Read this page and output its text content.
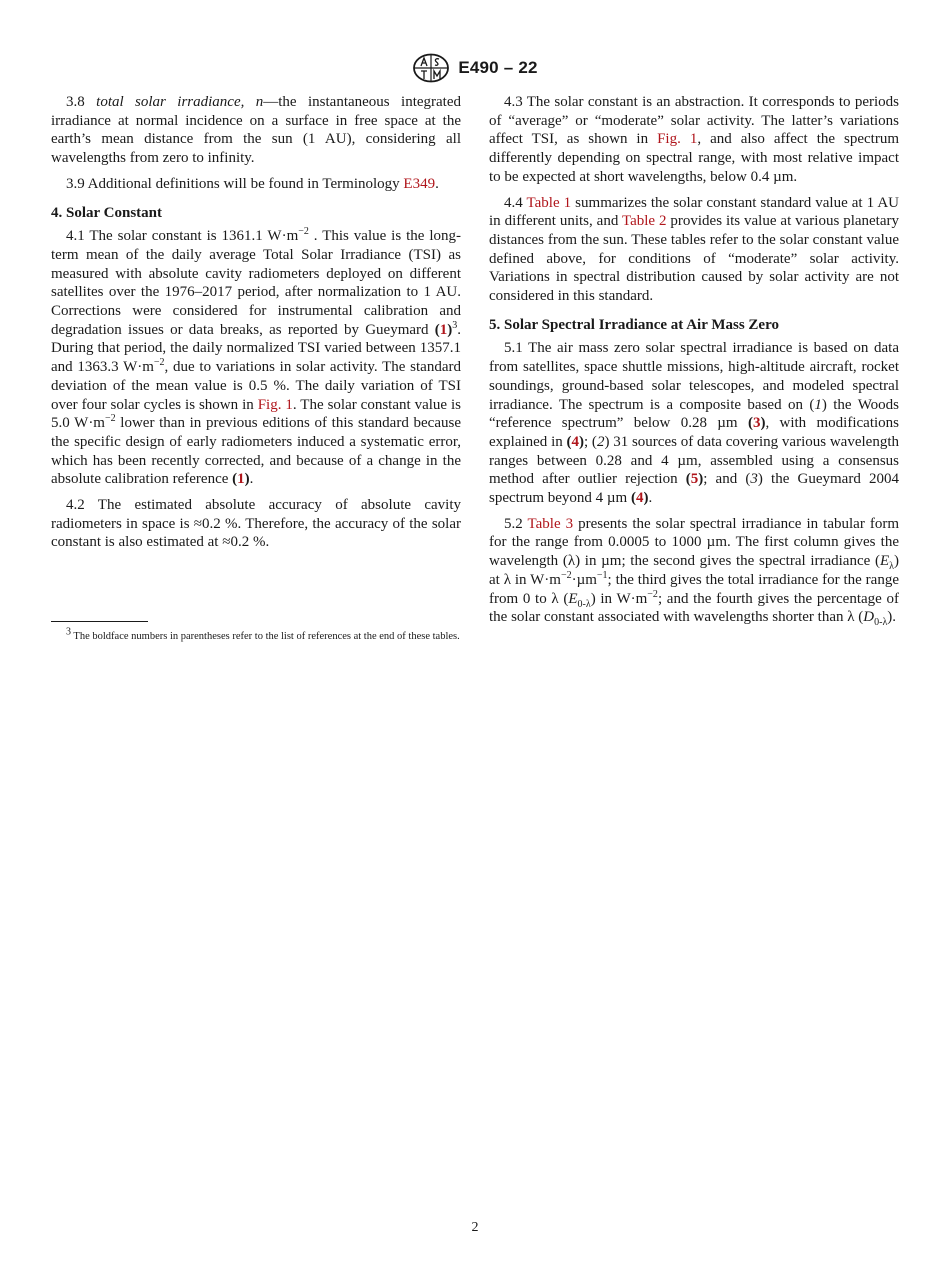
E490 – 22

3.8 total solar irradiance, n—the instantaneous integrated irradiance at normal incidence on a surface in free space at the earth’s mean distance from the sun (1 AU), considering all wavelengths from zero to infinity.

3.9 Additional definitions will be found in Terminology E349.

4. Solar Constant

4.1 The solar constant is 1361.1 $W\cdot m^{-2}$ . This value is the long-term mean of the daily average Total Solar Irradiance (TSI) as measured with absolute cavity radiometers deployed on different satellites over the 1976–2017 period, after normalization to 1 AU. Corrections were considered for instrumental calibration and degradation issues or data breaks, as reported by Gueymard $(1)^3$. During that period, the daily normalized TSI varied between 1357.1 and 1363.3 $W\cdot m^{-2}$, due to variations in solar activity. The standard deviation of the mean value is 0.5 %. The daily variation of TSI over four solar cycles is shown in Fig. 1. The solar constant value is 5.0 $W\cdot m^{-2}$ lower than in previous editions of this standard because the specific design of early radiometers induced a systematic error, which has been recently corrected, and because of a change in the absolute calibration reference (1).

4.2 The estimated absolute accuracy of absolute cavity radiometers in space is ≈0.2 %. Therefore, the accuracy of the solar constant is also estimated at ≈0.2 %.

$^3$ The boldface numbers in parentheses refer to the list of references at the end of these tables.

4.3 The solar constant is an abstraction. It corresponds to periods of “average” or “moderate” solar activity. The latter’s variations affect TSI, as shown in Fig. 1, and also affect the spectrum differently depending on spectral range, with most relative impact to be expected at short wavelengths, below 0.4 µm.

4.4 Table 1 summarizes the solar constant standard value at 1 AU in different units, and Table 2 provides its value at various planetary distances from the sun. These tables refer to the solar constant value defined above, for conditions of “moderate” solar activity. Variations in spectral distribution caused by solar activity are not considered in this standard.

5. Solar Spectral Irradiance at Air Mass Zero

5.1 The air mass zero solar spectral irradiance is based on data from satellites, space shuttle missions, high-altitude aircraft, rocket soundings, ground-based solar telescopes, and modeled spectral irradiance. The spectrum is a composite based on (1) the Woods “reference spectrum” below 0.28 µm (3), with modifications explained in (4); (2) 31 sources of data covering various wavelength ranges between 0.28 and 4 µm, assembled using a consensus method after outlier rejection (5); and (3) the Gueymard 2004 spectrum beyond 4 µm (4).

5.2 Table 3 presents the solar spectral irradiance in tabular form for the range from 0.0005 to 1000 µm. The first column gives the wavelength (λ) in µm; the second gives the spectral irradiance $(E_\lambda)$ at λ in $W\cdot m^{-2}\cdot\mu m^{-1}$; the third gives the total irradiance for the range from 0 to λ $(E_{0-\lambda})$ in $W\cdot m^{-2}$; and the fourth gives the percentage of the solar constant associated with wavelengths shorter than λ $(D_{0-\lambda})$.

2
